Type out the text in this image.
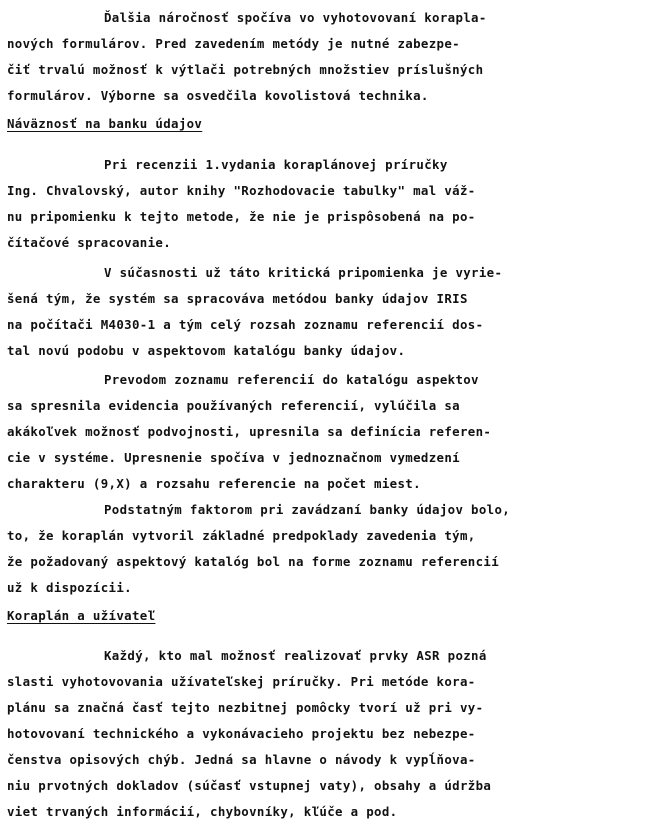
Ďalšia náročnosť spočíva vo vyhotovovaní korapla-
nových formulárov. Pred zavedením metódy je nutné zabezpe-
čiť trvalú možnosť k výtlači potrebných množstiev príslušných
formulárov. Výborne sa osvedčila kovolistová technika.
Náväznosť na banku údajov
Pri recenzii 1.vydania koraplánovej príručky
Ing. Chvalovský, autor knihy "Rozhodovacie tabulky" mal váž-
nu pripomienku k tejto metode, že nie je prispôsobená na po-
čítačové spracovanie.
V súčasnosti už táto kritická pripomienka je vyrie-
šená tým, že systém sa spracováva metódou banky údajov IRIS
na počítači M4030-1 a tým celý rozsah zoznamu referencií dos-
tal novú podobu v aspektovom katalógu banky údajov.
Prevodom zoznamu referencií do katalógu aspektov
sa spresnila evidencia používaných referencií, vylúčila sa
akákoľvek možnosť podvojnosti, upresnila sa definícia referen-
cie v systéme. Upresnenie spočíva v jednoznačnom vymedzení
charakteru (9,X) a rozsahu referencie na počet miest.
Podstatným faktorom pri zavádzaní banky údajov bolo,
to, že koraplán vytvoril základné predpoklady zavedenia tým,
že požadovaný aspektový katalóg bol na forme zoznamu referencií
už k dispozícii.
Koraplán a užívateľ
Každý, kto mal možnosť realizovať prvky ASR pozná
slasti vyhotovovania užívateľskej príručky. Pri metóde kora-
plánu sa značná časť tejto nezbitnej pomôcky tvorí už pri vy-
hotovovaní technického a vykonávacieho projektu bez nebezpe-
čenstva opisových chýb. Jedná sa hlavne o návody k vypĺňova-
niu prvotných dokladov (súčasť vstupnej vaty), obsahy a údržba
viet trvaných informácií, chybovníky, kľúče a pod.
